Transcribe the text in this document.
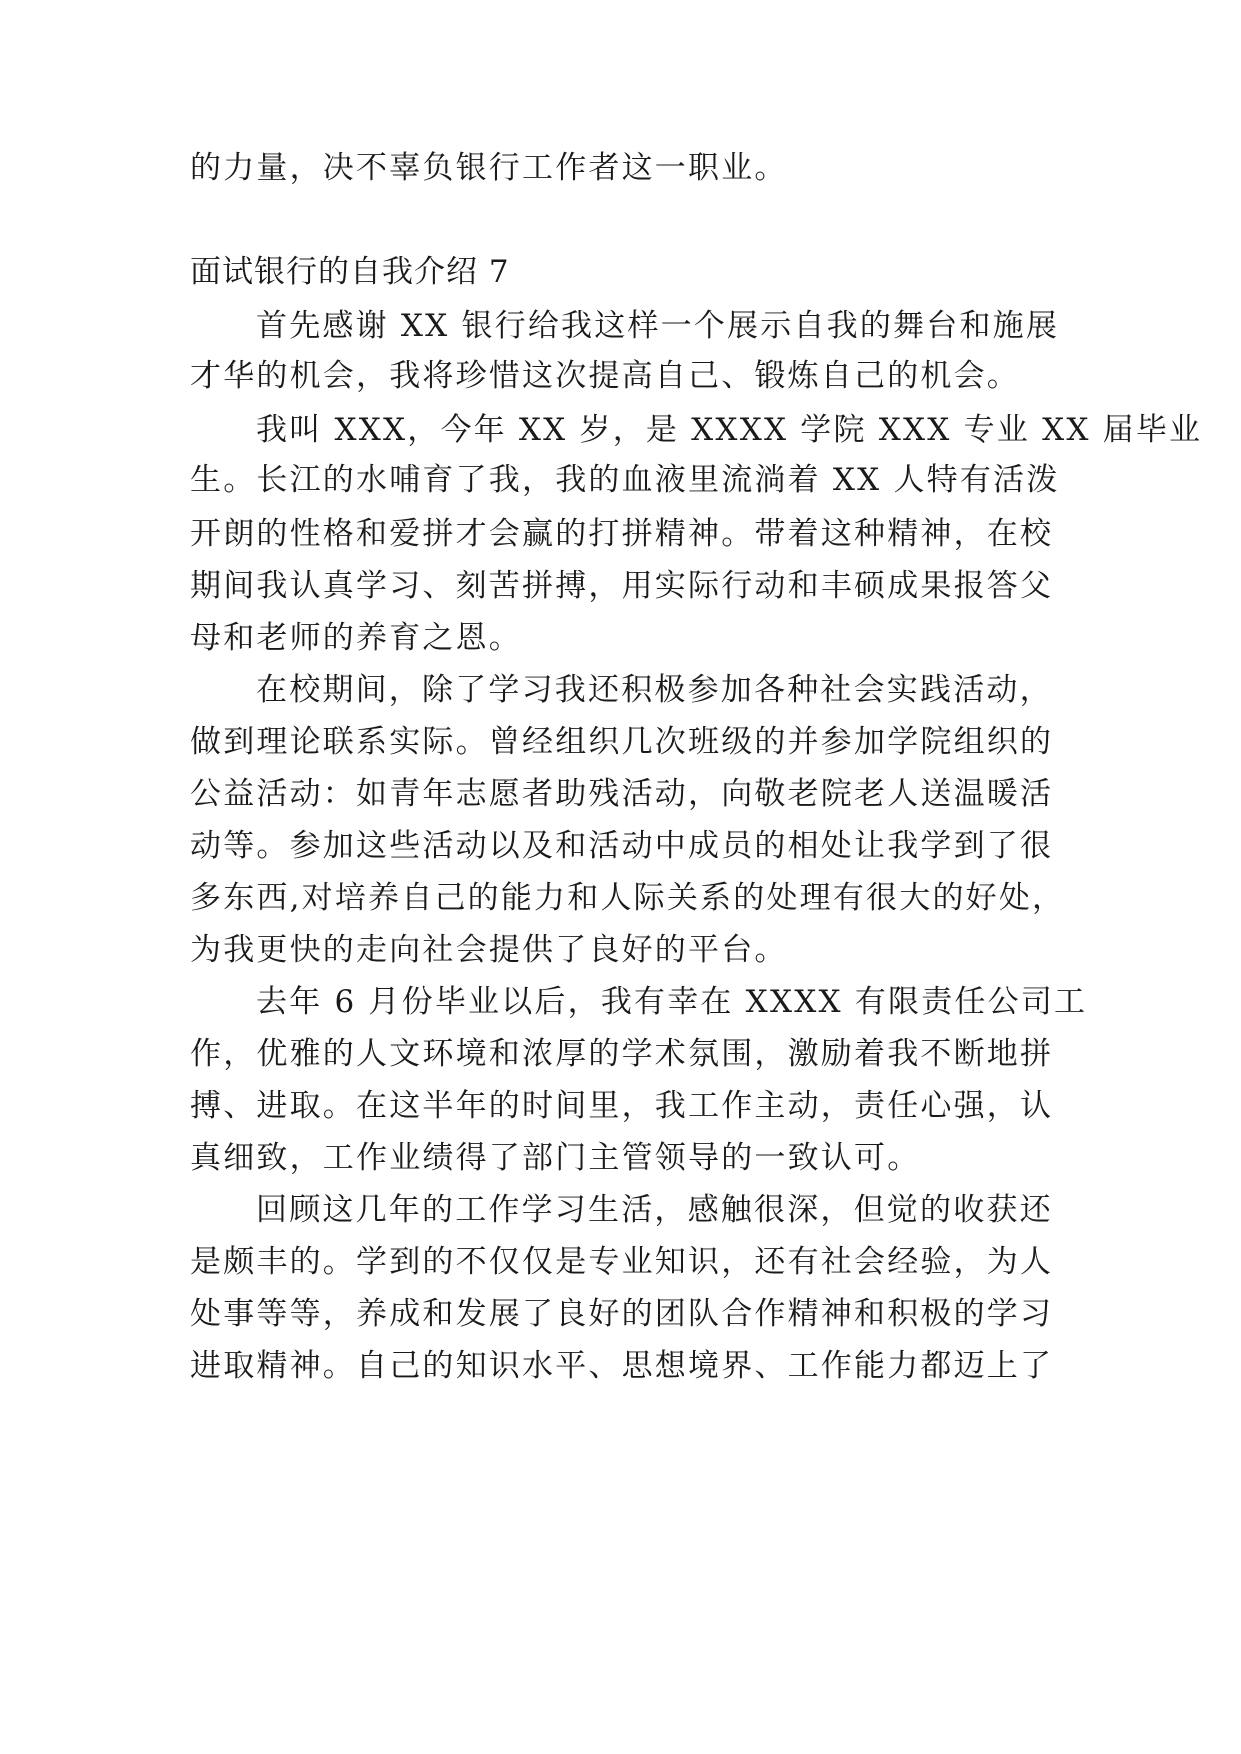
的力量，决不辜负银行工作者这一职业。
面试银行的自我介绍 7
首先感谢 XX 银行给我这样一个展示自我的舞台和施展
才华的机会，我将珍惜这次提高自己、锻炼自己的机会。
我叫 XXX，今年 XX 岁，是 XXXX 学院 XXX 专业 XX 届毕业
生。长江的水哺育了我，我的血液里流淌着 XX 人特有活泼
开朗的性格和爱拼才会赢的打拼精神。带着这种精神，在校
期间我认真学习、刻苦拼搏，用实际行动和丰硕成果报答父
母和老师的养育之恩。
在校期间，除了学习我还积极参加各种社会实践活动，
做到理论联系实际。曾经组织几次班级的并参加学院组织的
公益活动：如青年志愿者助残活动，向敬老院老人送温暖活
动等。参加这些活动以及和活动中成员的相处让我学到了很
多东西,对培养自己的能力和人际关系的处理有很大的好处，
为我更快的走向社会提供了良好的平台。
去年 6 月份毕业以后，我有幸在 XXXX 有限责任公司工
作，优雅的人文环境和浓厚的学术氛围，激励着我不断地拼
搏、进取。在这半年的时间里，我工作主动，责任心强，认
真细致，工作业绩得了部门主管领导的一致认可。
回顾这几年的工作学习生活，感触很深，但觉的收获还
是颇丰的。学到的不仅仅是专业知识，还有社会经验，为人
处事等等，养成和发展了良好的团队合作精神和积极的学习
进取精神。自己的知识水平、思想境界、工作能力都迈上了
